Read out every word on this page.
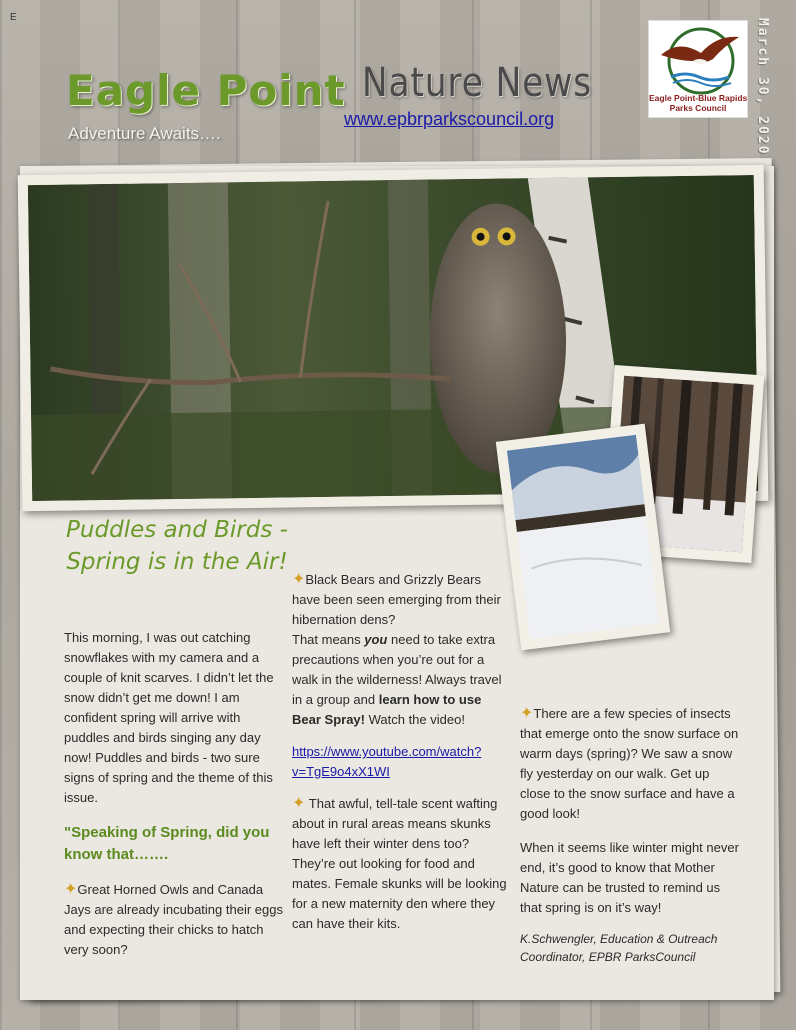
E
Eagle Point Nature News
Adventure Awaits….
www.epbrparkscouncil.org
Eagle Point-Blue Rapids
Parks Council	March 30, 2020
Puddles and Birds - Spring is in the Air!
This morning, I was out catching snowflakes with my camera and a couple of knit scarves. I didn’t let the snow didn’t get me down! I am confident spring will arrive with puddles and birds singing any day now! Puddles and birds - two sure signs of spring and the theme of this issue.
"Speaking of Spring, did you know that…….
✦Great Horned Owls and Canada Jays are already incubating their eggs and expecting their chicks to hatch very soon?
✦Black Bears and Grizzly Bears have been seen emerging from their hibernation dens?
That means you need to take extra precautions when you’re out for a walk in the wilderness! Always travel in a group and learn how to use Bear Spray! Watch the video!
https://www.youtube.com/watch?v=TgE9o4xX1WI
✦ That awful, tell-tale scent wafting about in rural areas means skunks have left their winter dens too? They’re out looking for food and mates. Female skunks will be looking for a new maternity den where they can have their kits.
✦There are a few species of insects that emerge onto the snow surface on warm days (spring)? We saw a snow fly yesterday on our walk. Get up close to the snow surface and have a good look!
When it seems like winter might never end, it’s good to know that Mother Nature can be trusted to remind us that spring is on it’s way!
K.Schwengler, Education & Outreach Coordinator, EPBR ParksCouncil
